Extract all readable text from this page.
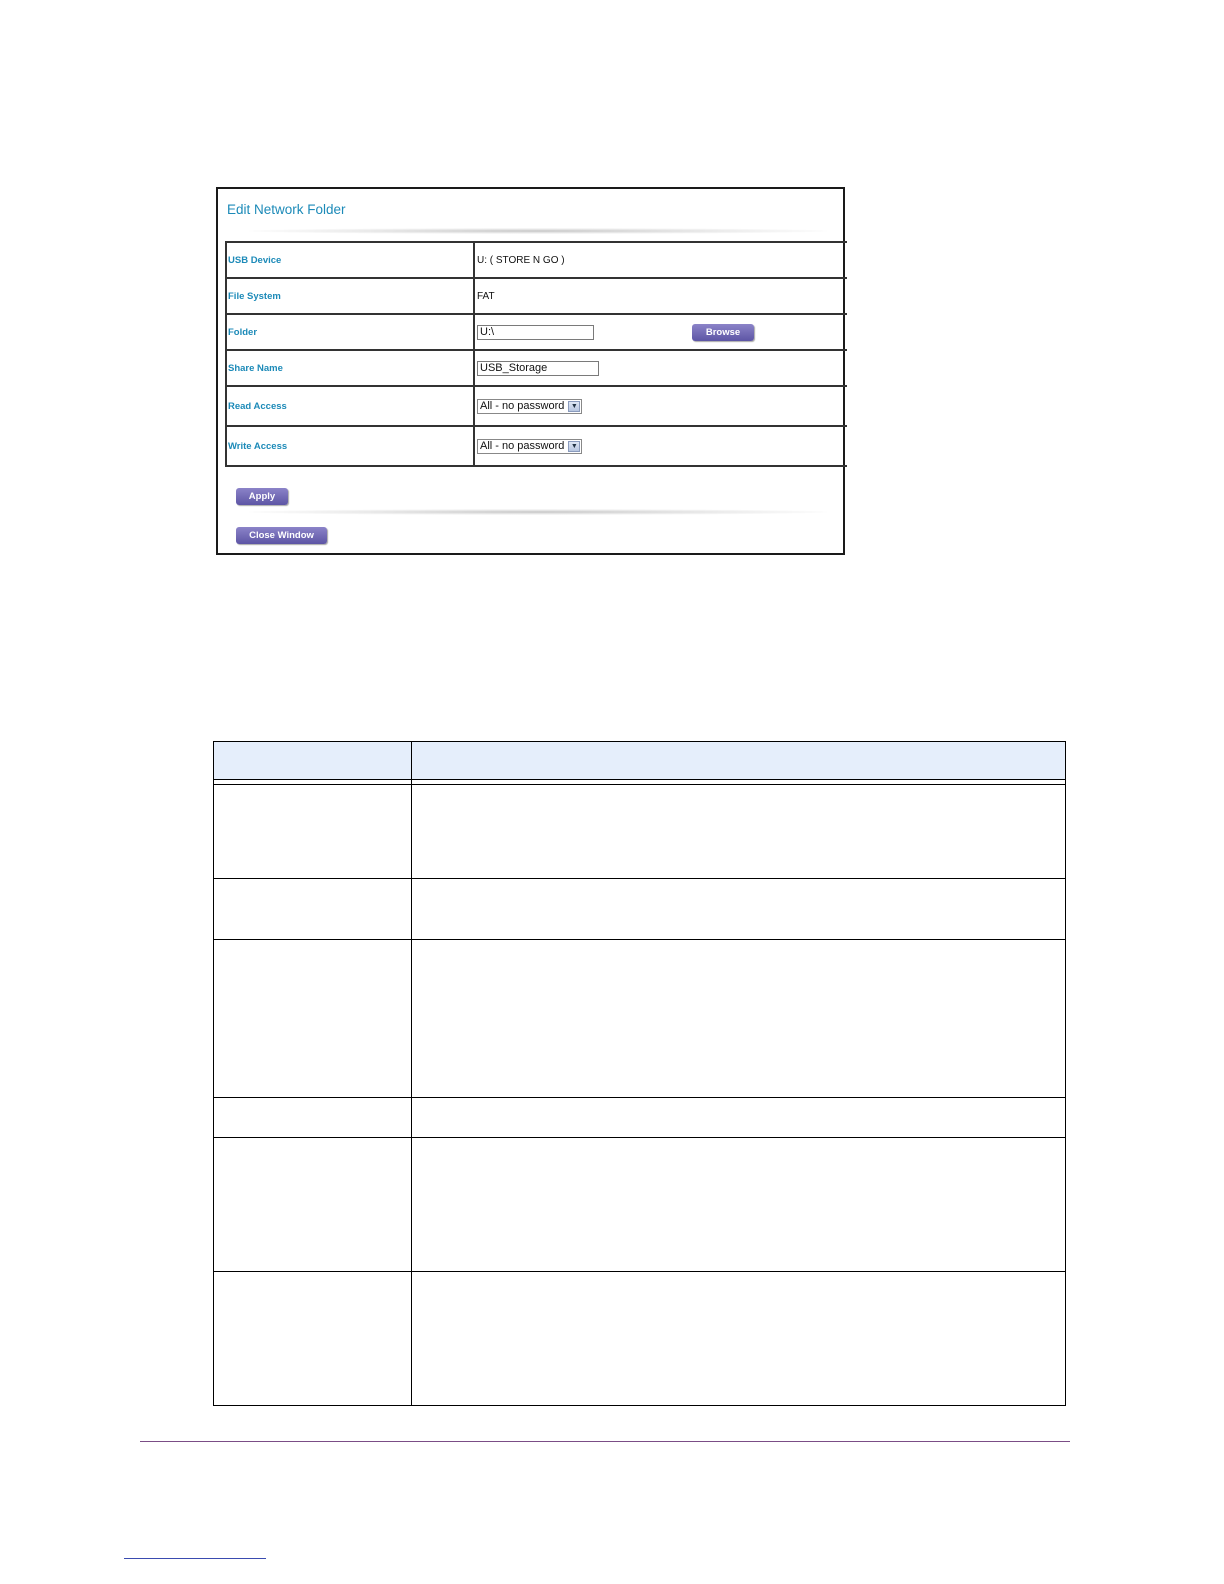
Edit Network Folder
USB Device	U: ( STORE N GO )
File System	FAT
Folder	U:\ Browse

Share Name	USB_Storage
Read Access	All - no password ▼

Write Access	All - no password ▼
Apply
Close Window
